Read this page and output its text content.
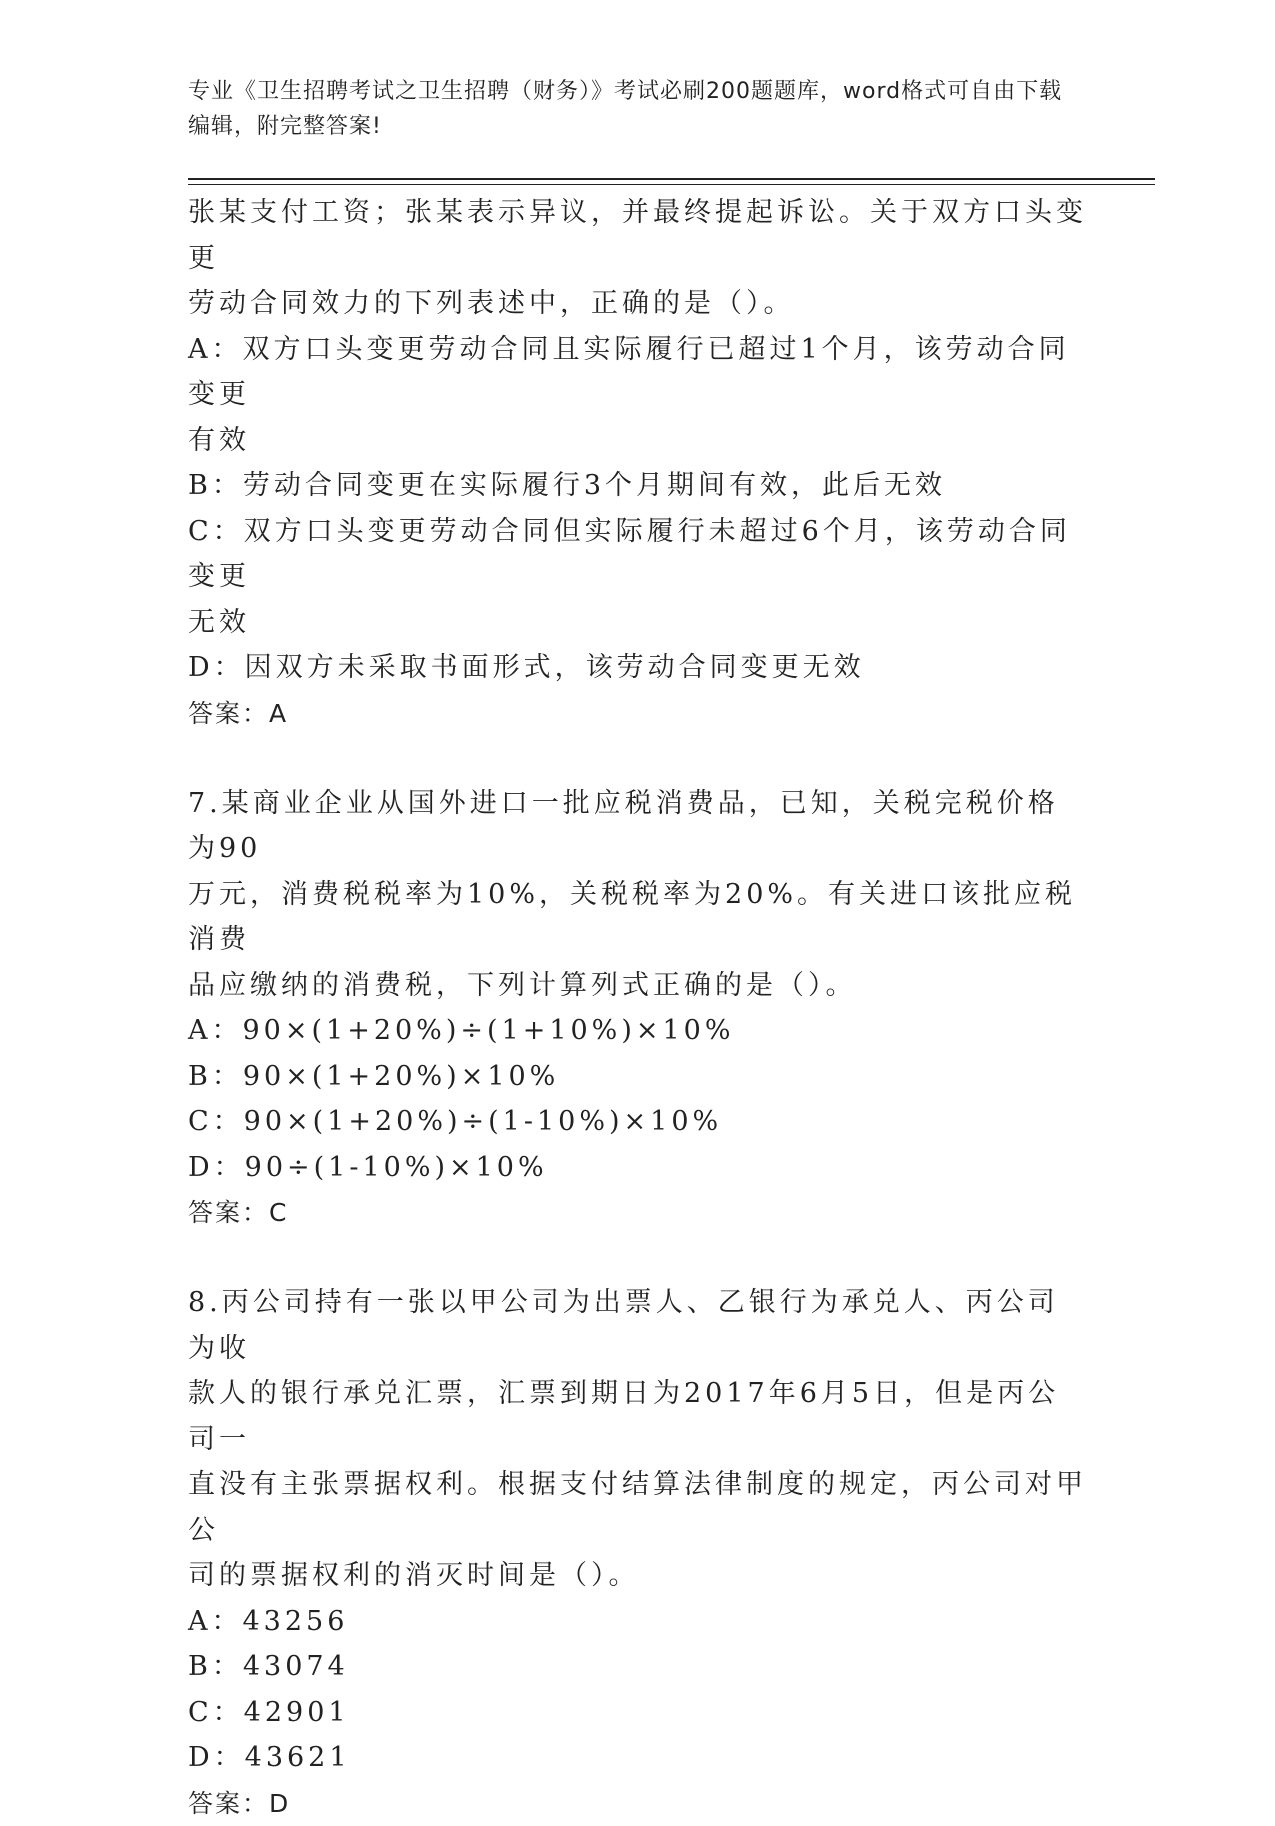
专业《卫生招聘考试之卫生招聘（财务）》考试必刷200题题库，word格式可自由下载编辑，附完整答案!
张某支付工资；张某表示异议，并最终提起诉讼。关于双方口头变更
劳动合同效力的下列表述中，正确的是（）。
A：双方口头变更劳动合同且实际履行已超过1个月，该劳动合同变更
有效
B：劳动合同变更在实际履行3个月期间有效，此后无效
C：双方口头变更劳动合同但实际履行未超过6个月，该劳动合同变更
无效
D：因双方未采取书面形式，该劳动合同变更无效
答案：A
7.某商业企业从国外进口一批应税消费品，已知，关税完税价格为90
万元，消费税税率为10%，关税税率为20%。有关进口该批应税消费
品应缴纳的消费税，下列计算列式正确的是（）。
A：90×(1+20%)÷(1+10%)×10%
B：90×(1+20%)×10%
C：90×(1+20%)÷(1-10%)×10%
D：90÷(1-10%)×10%
答案：C
8.丙公司持有一张以甲公司为出票人、乙银行为承兑人、丙公司为收
款人的银行承兑汇票，汇票到期日为2017年6月5日，但是丙公司一
直没有主张票据权利。根据支付结算法律制度的规定，丙公司对甲公
司的票据权利的消灭时间是（）。
A：43256
B：43074
C：42901
D：43621
答案：D
